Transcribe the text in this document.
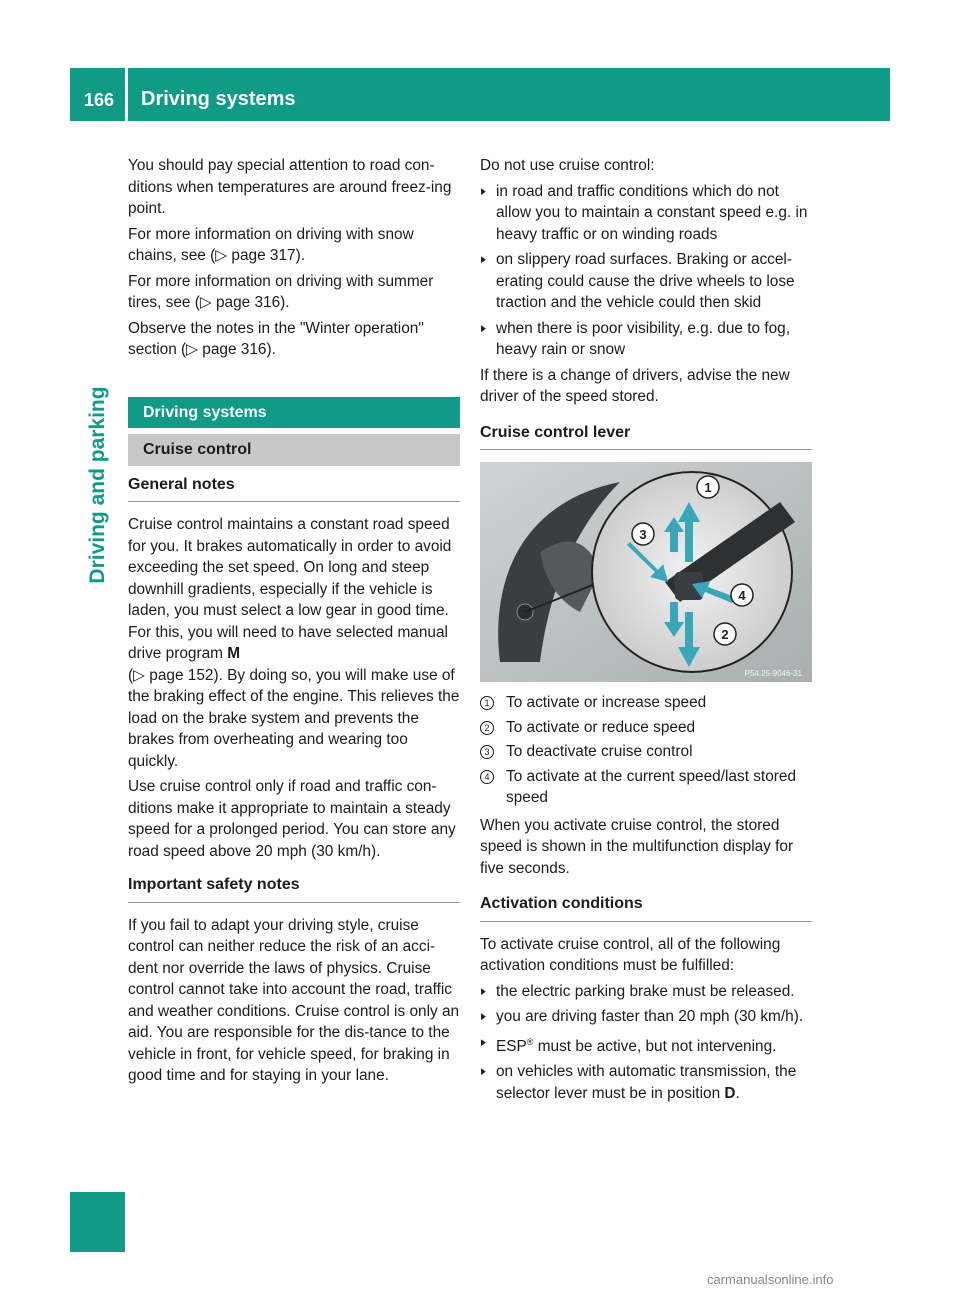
166 Driving systems
Driving and parking

You should pay special attention to road con-ditions when temperatures are around freez-ing point.

For more information on driving with snow chains, see (▷ page 317).

For more information on driving with summer tires, see (▷ page 316).

Observe the notes in the "Winter operation" section (▷ page 316).

Driving systems
Cruise control
General notes

Cruise control maintains a constant road speed for you. It brakes automatically in order to avoid exceeding the set speed. On long and steep downhill gradients, especially if the vehicle is laden, you must select a low gear in good time. For this, you will need to have selected manual drive program M
(▷ page 152). By doing so, you will make use of the braking effect of the engine. This relieves the load on the brake system and prevents the brakes from overheating and wearing too quickly.

Use cruise control only if road and traffic con-ditions make it appropriate to maintain a steady speed for a prolonged period. You can store any road speed above 20 mph (30 km/h).

Important safety notes

If you fail to adapt your driving style, cruise control can neither reduce the risk of an acci-dent nor override the laws of physics. Cruise control cannot take into account the road, traffic and weather conditions. Cruise control is only an aid. You are responsible for the dis-tance to the vehicle in front, for vehicle speed, for braking in good time and for staying in your lane.

Do not use cruise control:

▶ in road and traffic conditions which do not allow you to maintain a constant speed e.g. in heavy traffic or on winding roads
▶ on slippery road surfaces. Braking or accel-erating could cause the drive wheels to lose traction and the vehicle could then skid
▶ when there is poor visibility, e.g. due to fog, heavy rain or snow

If there is a change of drivers, advise the new driver of the speed stored.

Cruise control lever
1
2
3
4
P54.25-9046-31
1 To activate or increase speed
2 To activate or reduce speed
3 To deactivate cruise control
4 To activate at the current speed/last stored speed

When you activate cruise control, the stored speed is shown in the multifunction display for five seconds.

Activation conditions

To activate cruise control, all of the following activation conditions must be fulfilled:

▶ the electric parking brake must be released.
▶ you are driving faster than 20 mph (30 km/h).
▶ ESP® must be active, but not intervening.
▶ on vehicles with automatic transmission, the selector lever must be in position D.
carmanualsonline.info
